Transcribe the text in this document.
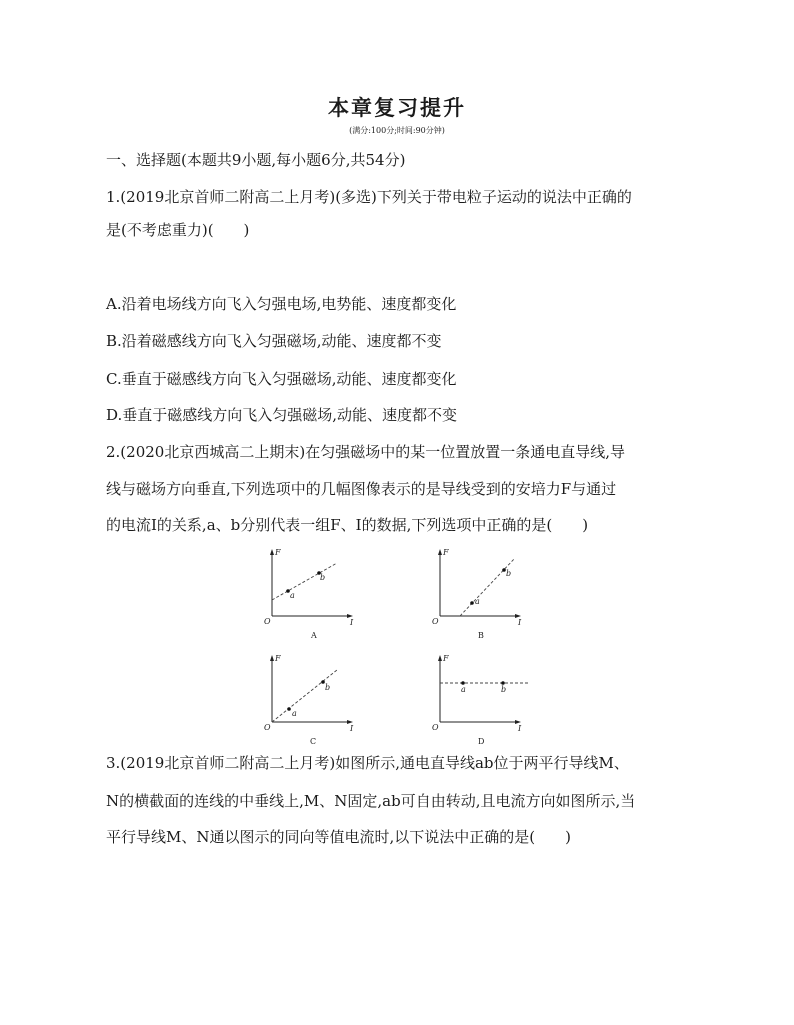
本章复习提升
(满分:100分;时间:90分钟)
一、选择题(本题共9小题,每小题6分,共54分)
1.(2019北京首师二附高二上月考)(多选)下列关于带电粒子运动的说法中正确的
是(不考虑重力)(　　)
A.沿着电场线方向飞入匀强电场,电势能、速度都变化
B.沿着磁感线方向飞入匀强磁场,动能、速度都不变
C.垂直于磁感线方向飞入匀强磁场,动能、速度都变化
D.垂直于磁感线方向飞入匀强磁场,动能、速度都不变
2.(2020北京西城高二上期末)在匀强磁场中的某一位置放置一条通电直导线,导
线与磁场方向垂直,下列选项中的几幅图像表示的是导线受到的安培力F与通过
的电流I的关系,a、b分别代表一组F、I的数据,下列选项中正确的是(　　)
F
I
O
a
b
A
F
I
O
a
b
B
F
I
O
a
b
C
F
I
O
a	b
D
3.(2019北京首师二附高二上月考)如图所示,通电直导线ab位于两平行导线M、
N的横截面的连线的中垂线上,M、N固定,ab可自由转动,且电流方向如图所示,当
平行导线M、N通以图示的同向等值电流时,以下说法中正确的是(　　)
